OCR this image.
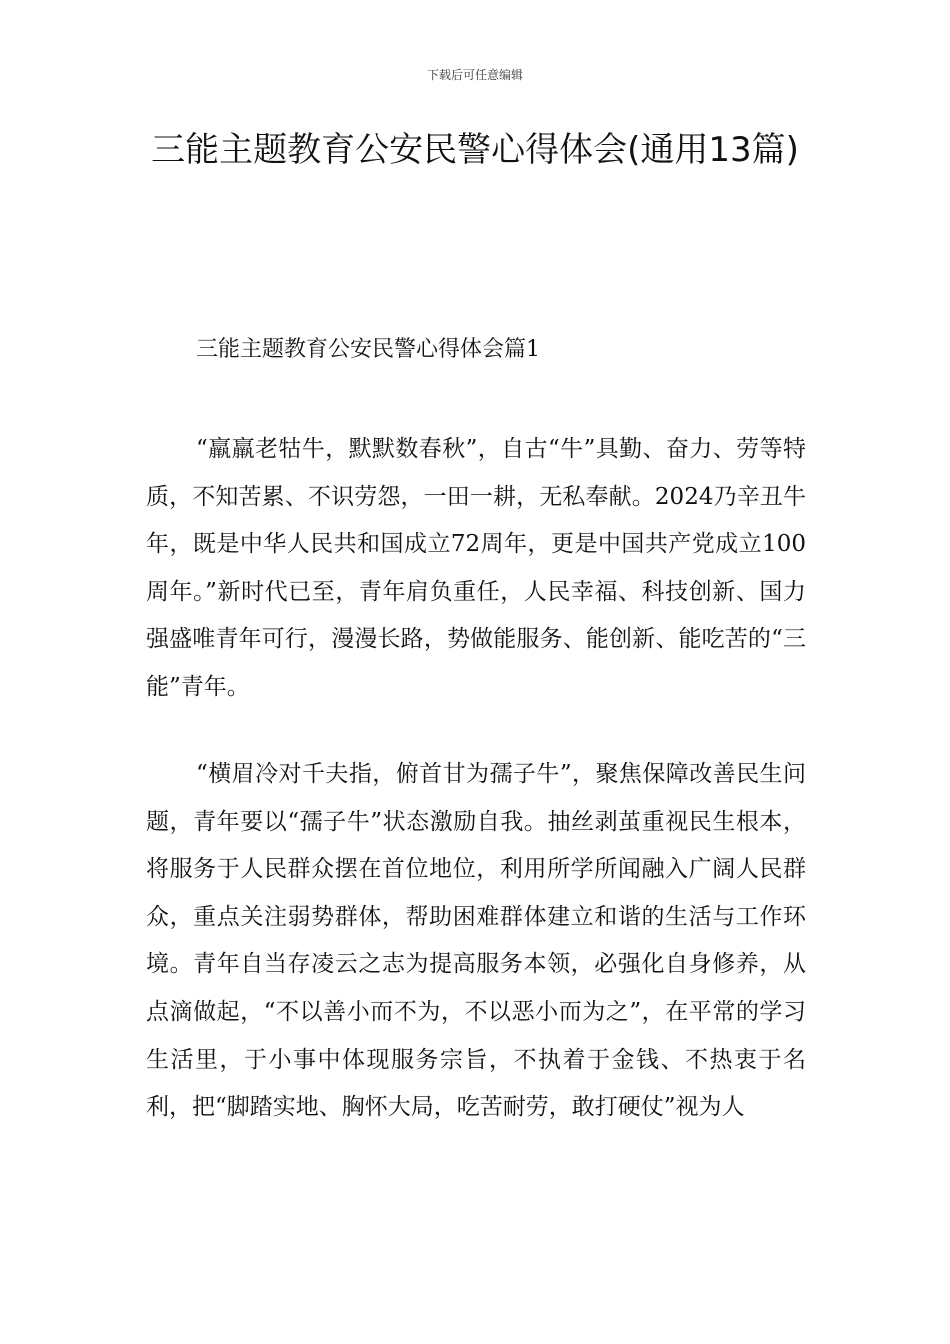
下载后可任意编辑
三能主题教育公安民警心得体会(通用13篇)
三能主题教育公安民警心得体会篇1

“羸羸老牯牛，默默数春秋”，自古“牛”具勤、奋力、劳等特质，不知苦累、不识劳怨，一田一耕，无私奉献。2024乃辛丑牛年，既是中华人民共和国成立72周年，更是中国共产党成立100周年。”新时代已至，青年肩负重任，人民幸福、科技创新、国力强盛唯青年可行，漫漫长路，势做能服务、能创新、能吃苦的“三能”青年。

“横眉冷对千夫指，俯首甘为孺子牛”，聚焦保障改善民生问题，青年要以“孺子牛”状态激励自我。抽丝剥茧重视民生根本，将服务于人民群众摆在首位地位，利用所学所闻融入广阔人民群众，重点关注弱势群体，帮助困难群体建立和谐的生活与工作环境。青年自当存凌云之志为提高服务本领，必强化自身修养，从点滴做起，“不以善小而不为，不以恶小而为之”，在平常的学习生活里，于小事中体现服务宗旨，不执着于金钱、不热衷于名利，把“脚踏实地、胸怀大局，吃苦耐劳，敢打硬仗”视为人
